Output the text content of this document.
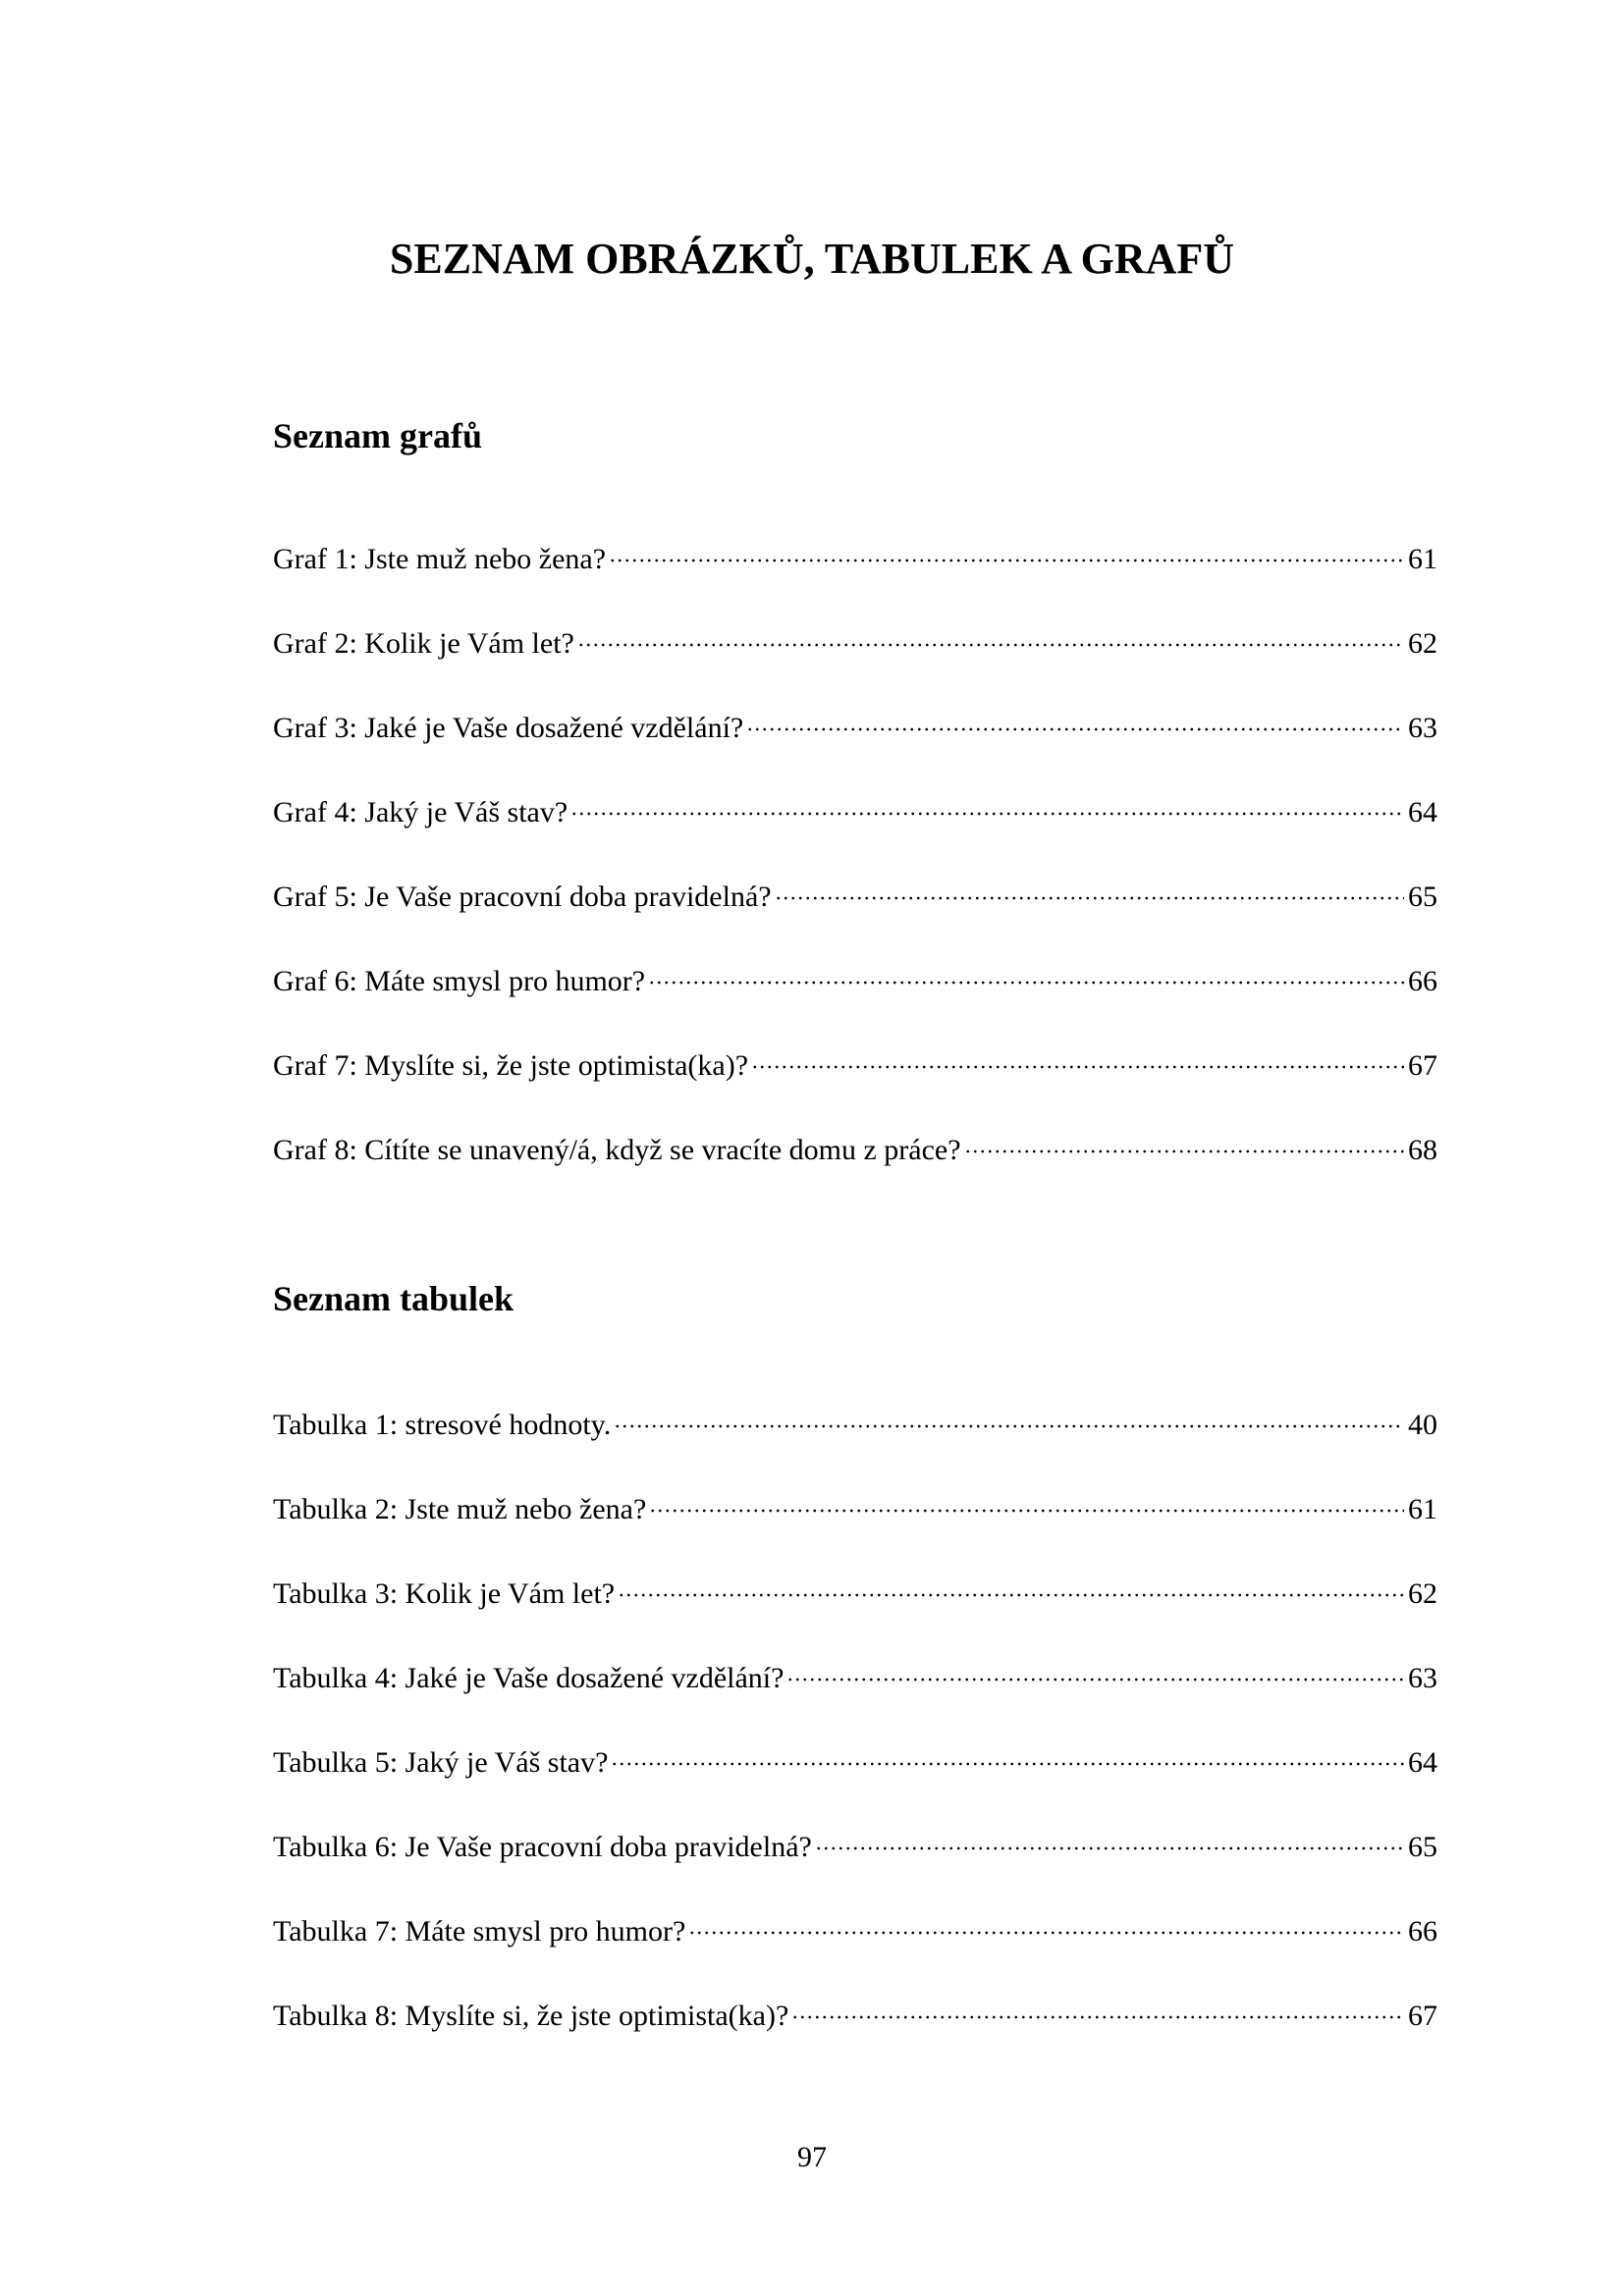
SEZNAM OBRÁZKŮ, TABULEK A GRAFŮ
Seznam grafů
Graf 1: Jste muž nebo žena?	61
Graf 2: Kolik je Vám let?	62
Graf 3: Jaké je Vaše dosažené vzdělání?	63
Graf 4: Jaký je Váš stav?	64
Graf 5: Je Vaše pracovní doba pravidelná?	65
Graf 6: Máte smysl pro humor?	66
Graf 7: Myslíte si, že jste optimista(ka)?	67
Graf 8: Cítíte se unavený/á, když se vracíte domu z práce?	68
Seznam tabulek
Tabulka 1: stresové hodnoty.	40
Tabulka 2: Jste muž nebo žena?	61
Tabulka 3: Kolik je Vám let?	62
Tabulka 4: Jaké je Vaše dosažené vzdělání?	63
Tabulka 5: Jaký je Váš stav?	64
Tabulka 6: Je Vaše pracovní doba pravidelná?	65
Tabulka 7: Máte smysl pro humor?	66
Tabulka 8: Myslíte si, že jste optimista(ka)?	67
97
